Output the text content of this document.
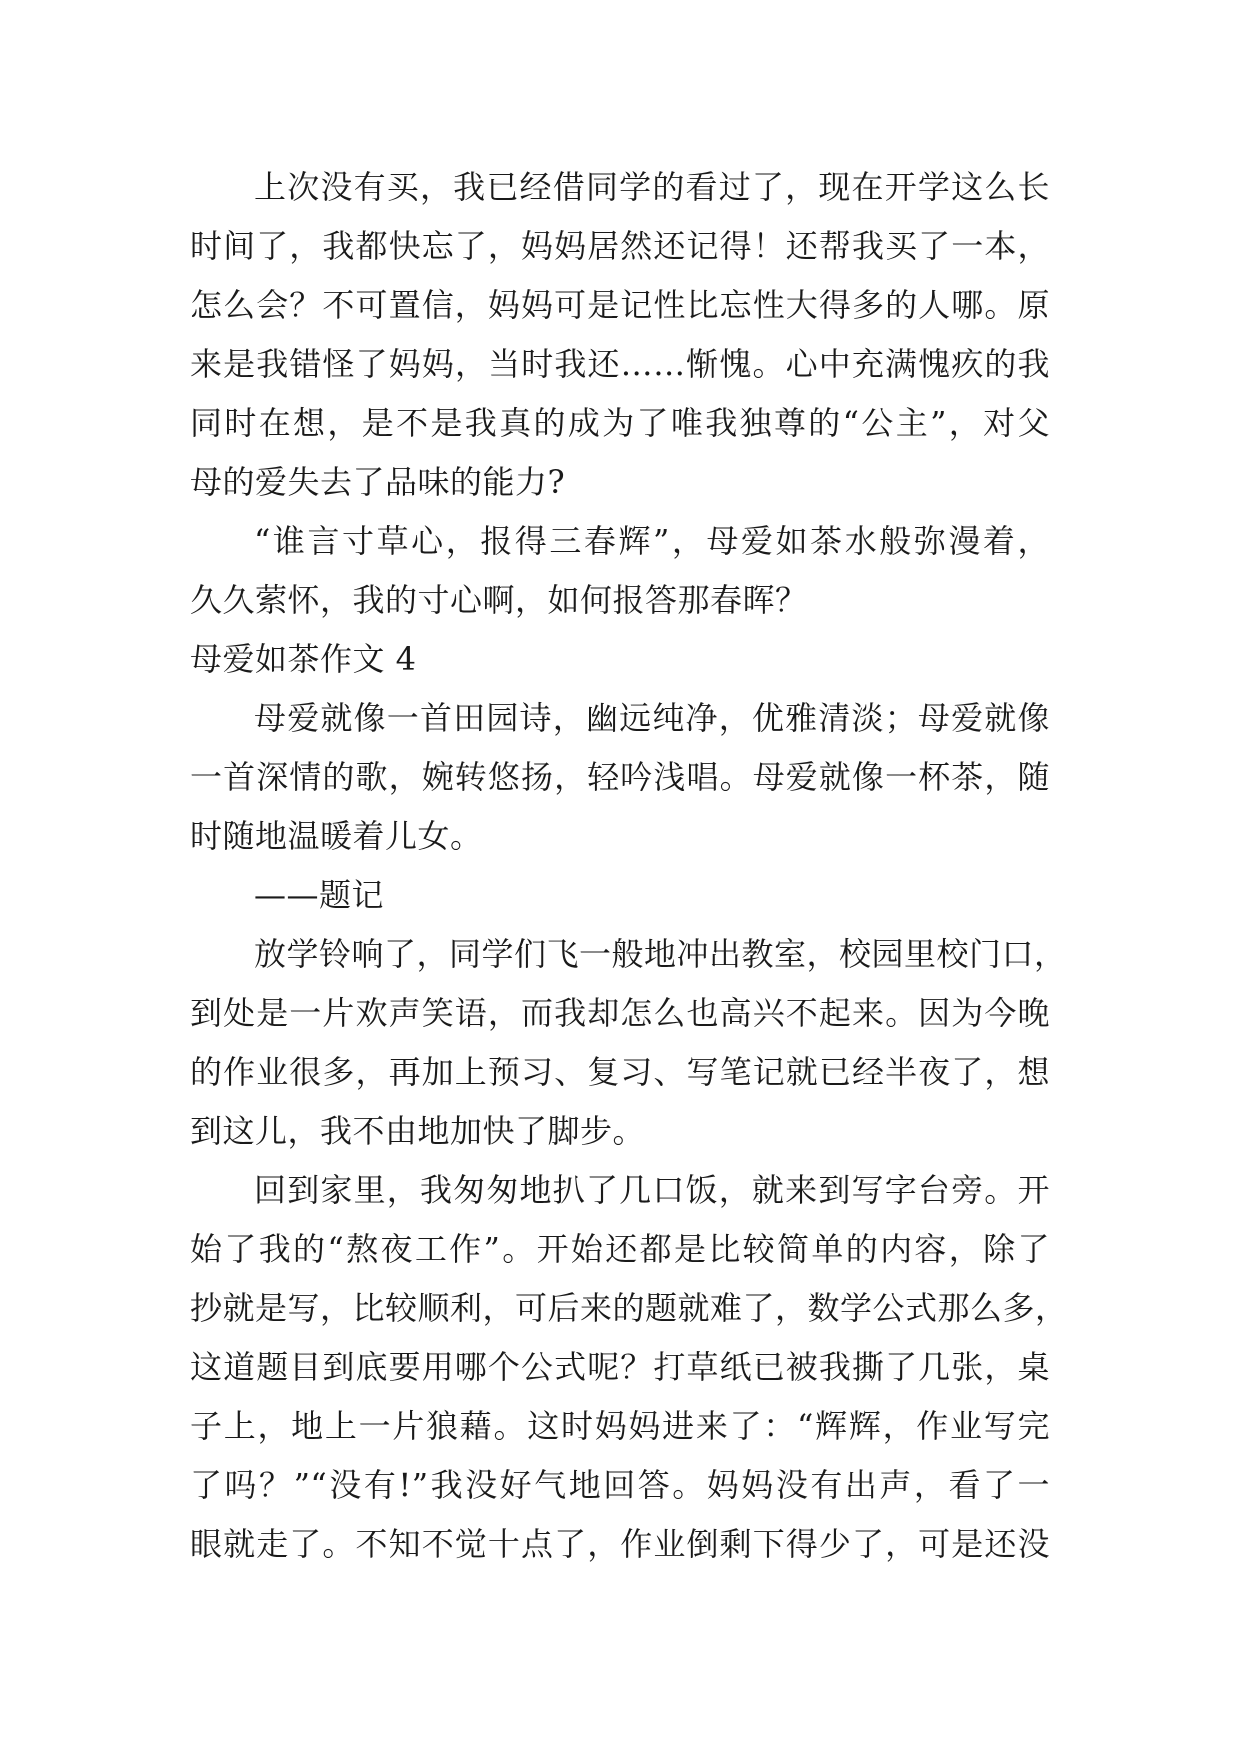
上次没有买，我已经借同学的看过了，现在开学这么长
时间了，我都快忘了，妈妈居然还记得！还帮我买了一本，
怎么会？不可置信，妈妈可是记性比忘性大得多的人哪。原
来是我错怪了妈妈，当时我还……惭愧。心中充满愧疚的我
同时在想，是不是我真的成为了唯我独尊的“公主”，对父
母的爱失去了品味的能力?
“谁言寸草心，报得三春辉”，母爱如茶水般弥漫着，
久久萦怀，我的寸心啊，如何报答那春晖？
母爱如茶作文 4
母爱就像一首田园诗，幽远纯净，优雅清淡；母爱就像
一首深情的歌，婉转悠扬，轻吟浅唱。母爱就像一杯茶，随
时随地温暖着儿女。
——题记
放学铃响了，同学们飞一般地冲出教室，校园里校门口，
到处是一片欢声笑语，而我却怎么也高兴不起来。因为今晚
的作业很多，再加上预习、复习、写笔记就已经半夜了，想
到这儿，我不由地加快了脚步。
回到家里，我匆匆地扒了几口饭，就来到写字台旁。开
始了我的“熬夜工作”。开始还都是比较简单的内容，除了
抄就是写，比较顺利，可后来的题就难了，数学公式那么多，
这道题目到底要用哪个公式呢？打草纸已被我撕了几张，桌
子上，地上一片狼藉。这时妈妈进来了：“辉辉，作业写完
了吗？”“没有!”我没好气地回答。妈妈没有出声，看了一
眼就走了。不知不觉十点了，作业倒剩下得少了，可是还没
